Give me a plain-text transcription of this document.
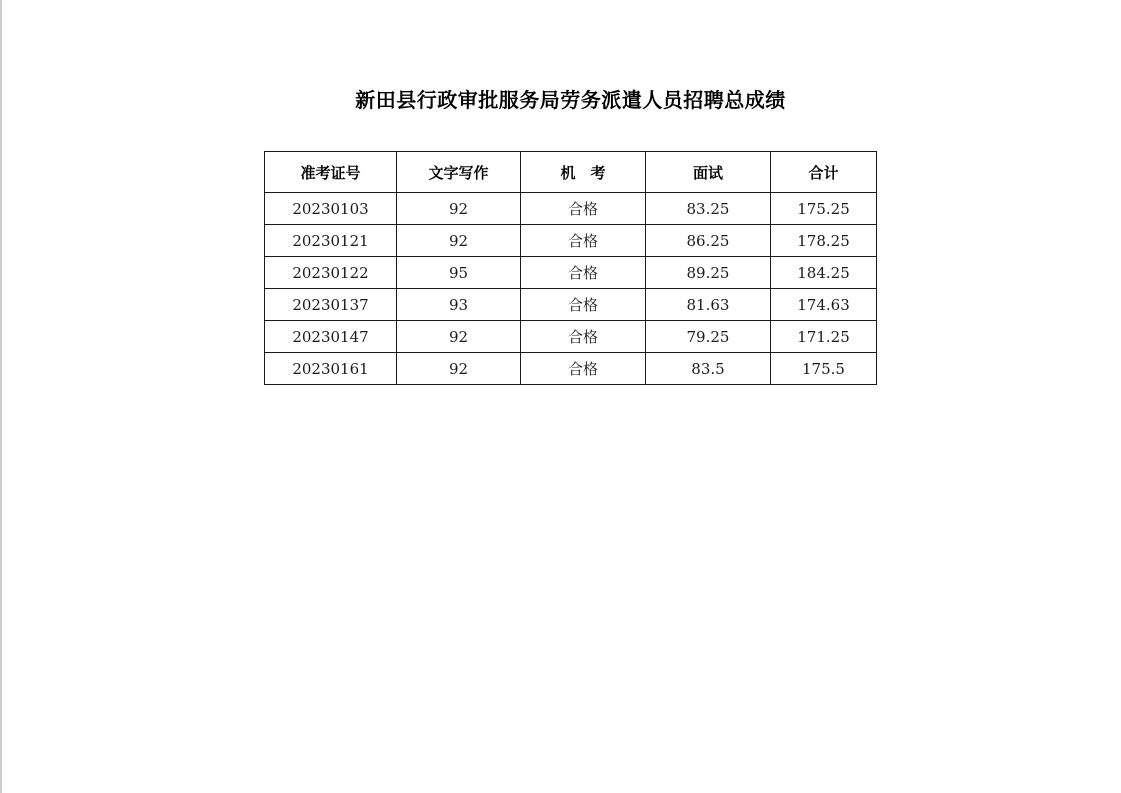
新田县行政审批服务局劳务派遣人员招聘总成绩
准考证号	文字写作	机　考	面试	合计
20230103	92	合格	83.25	175.25
20230121	92	合格	86.25	178.25
20230122	95	合格	89.25	184.25
20230137	93	合格	81.63	174.63
20230147	92	合格	79.25	171.25
20230161	92	合格	83.5	175.5
